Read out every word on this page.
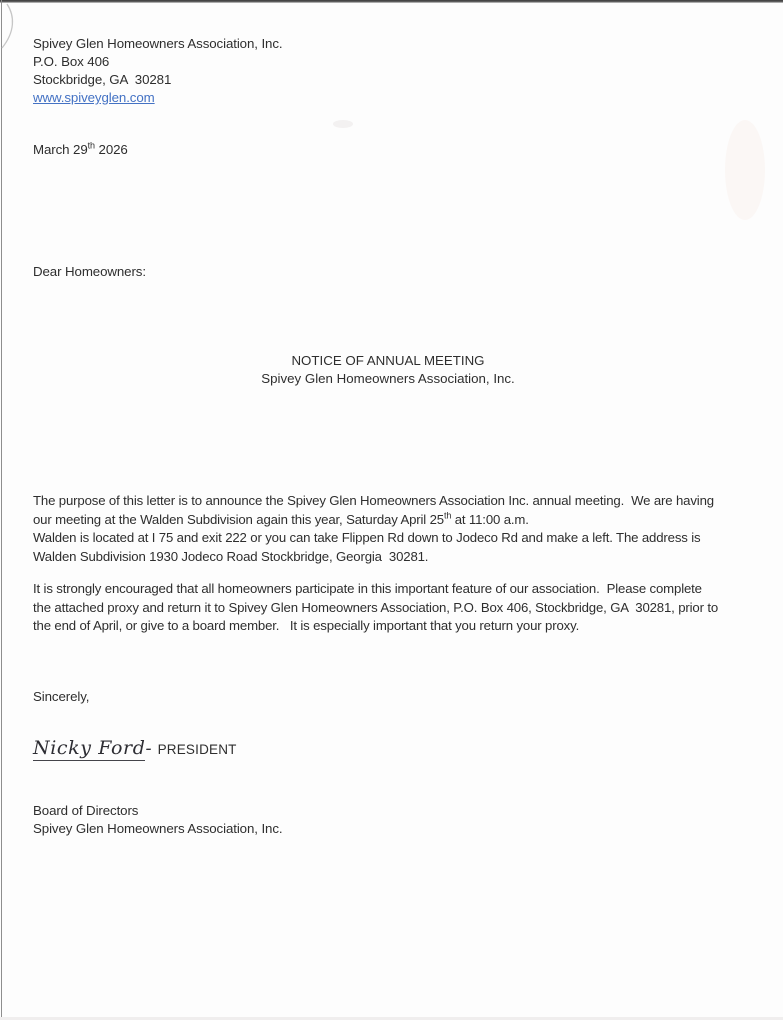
Spivey Glen Homeowners Association, Inc.
P.O. Box 406
Stockbridge, GA  30281
www.spiveyglen.com
March 29th 2026
Dear Homeowners:
NOTICE OF ANNUAL MEETING
Spivey Glen Homeowners Association, Inc.
The purpose of this letter is to announce the Spivey Glen Homeowners Association Inc. annual meeting.  We are having
our meeting at the Walden Subdivision again this year, Saturday April 25th at 11:00 a.m.
Walden is located at I 75 and exit 222 or you can take Flippen Rd down to Jodeco Rd and make a left. The address is
Walden Subdivision 1930 Jodeco Road Stockbridge, Georgia  30281.
It is strongly encouraged that all homeowners participate in this important feature of our association.  Please complete
the attached proxy and return it to Spivey Glen Homeowners Association, P.O. Box 406, Stockbridge, GA  30281, prior to
the end of April, or give to a board member.   It is especially important that you return your proxy.
Sincerely,
Nicky Ford - PRESIDENT
Board of Directors
Spivey Glen Homeowners Association, Inc.
